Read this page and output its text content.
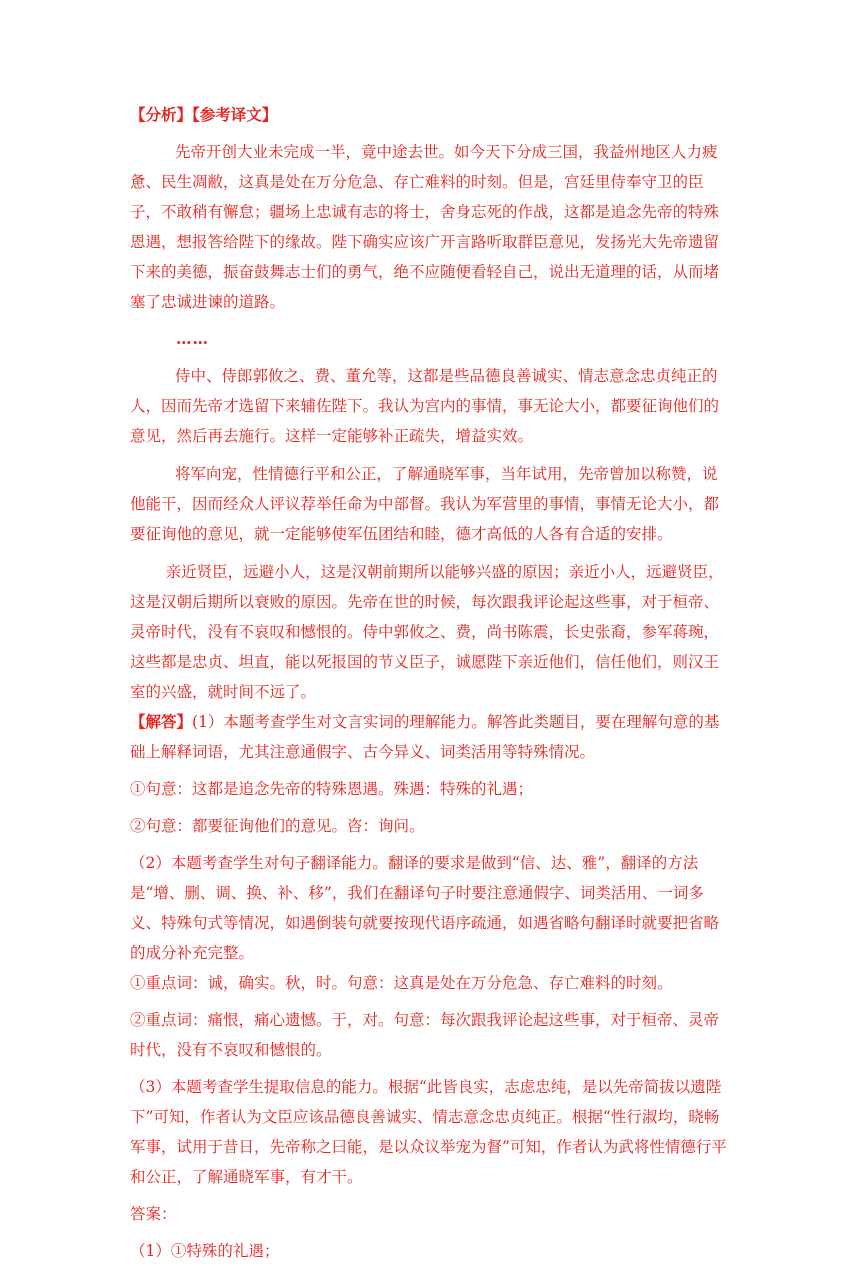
【分析】【参考译文】

先帝开创大业未完成一半，竟中途去世。如今天下分成三国，我益州地区人力疲惫、民生凋敝，这真是处在万分危急、存亡难料的时刻。但是，宫廷里侍奉守卫的臣子，不敢稍有懈怠；疆场上忠诚有志的将士，舍身忘死的作战，这都是追念先帝的特殊恩遇，想报答给陛下的缘故。陛下确实应该广开言路听取群臣意见，发扬光大先帝遗留下来的美德，振奋鼓舞志士们的勇气，绝不应随便看轻自己，说出无道理的话，从而堵塞了忠诚进谏的道路。

……

侍中、侍郎郭攸之、费、董允等，这都是些品德良善诚实、情志意念忠贞纯正的人，因而先帝才选留下来辅佐陛下。我认为宫内的事情，事无论大小，都要征询他们的意见，然后再去施行。这样一定能够补正疏失，增益实效。

将军向宠，性情德行平和公正，了解通晓军事，当年试用，先帝曾加以称赞，说他能干，因而经众人评议荐举任命为中部督。我认为军营里的事情，事情无论大小，都要征询他的意见，就一定能够使军伍团结和睦，德才高低的人各有合适的安排。

亲近贤臣，远避小人，这是汉朝前期所以能够兴盛的原因；亲近小人，远避贤臣，这是汉朝后期所以衰败的原因。先帝在世的时候，每次跟我评论起这些事，对于桓帝、灵帝时代，没有不哀叹和憾恨的。侍中郭攸之、费，尚书陈震，长史张裔，参军蒋琬，这些都是忠贞、坦直，能以死报国的节义臣子，诚愿陛下亲近他们，信任他们，则汉王室的兴盛，就时间不远了。

【解答】(1）本题考查学生对文言实词的理解能力。解答此类题目，要在理解句意的基础上解释词语，尤其注意通假字、古今异义、词类活用等特殊情况。

①句意：这都是追念先帝的特殊恩遇。殊遇：特殊的礼遇；

②句意：都要征询他们的意见。咨：询问。

（2）本题考查学生对句子翻译能力。翻译的要求是做到“信、达、雅”，翻译的方法是“增、删、调、换、补、移”，我们在翻译句子时要注意通假字、词类活用、一词多义、特殊句式等情况，如遇倒装句就要按现代语序疏通，如遇省略句翻译时就要把省略的成分补充完整。

①重点词：诚，确实。秋，时。句意：这真是处在万分危急、存亡难料的时刻。

②重点词：痛恨，痛心遗憾。于，对。句意：每次跟我评论起这些事，对于桓帝、灵帝时代，没有不哀叹和憾恨的。

（3）本题考查学生提取信息的能力。根据“此皆良实，志虑忠纯，是以先帝简拔以遗陛下”可知，作者认为文臣应该品德良善诚实、情志意念忠贞纯正。根据“性行淑均，晓畅军事，试用于昔日，先帝称之曰能，是以众议举宠为督”可知，作者认为武将性情德行平和公正，了解通晓军事，有才干。

答案：

（1）①特殊的礼遇；
